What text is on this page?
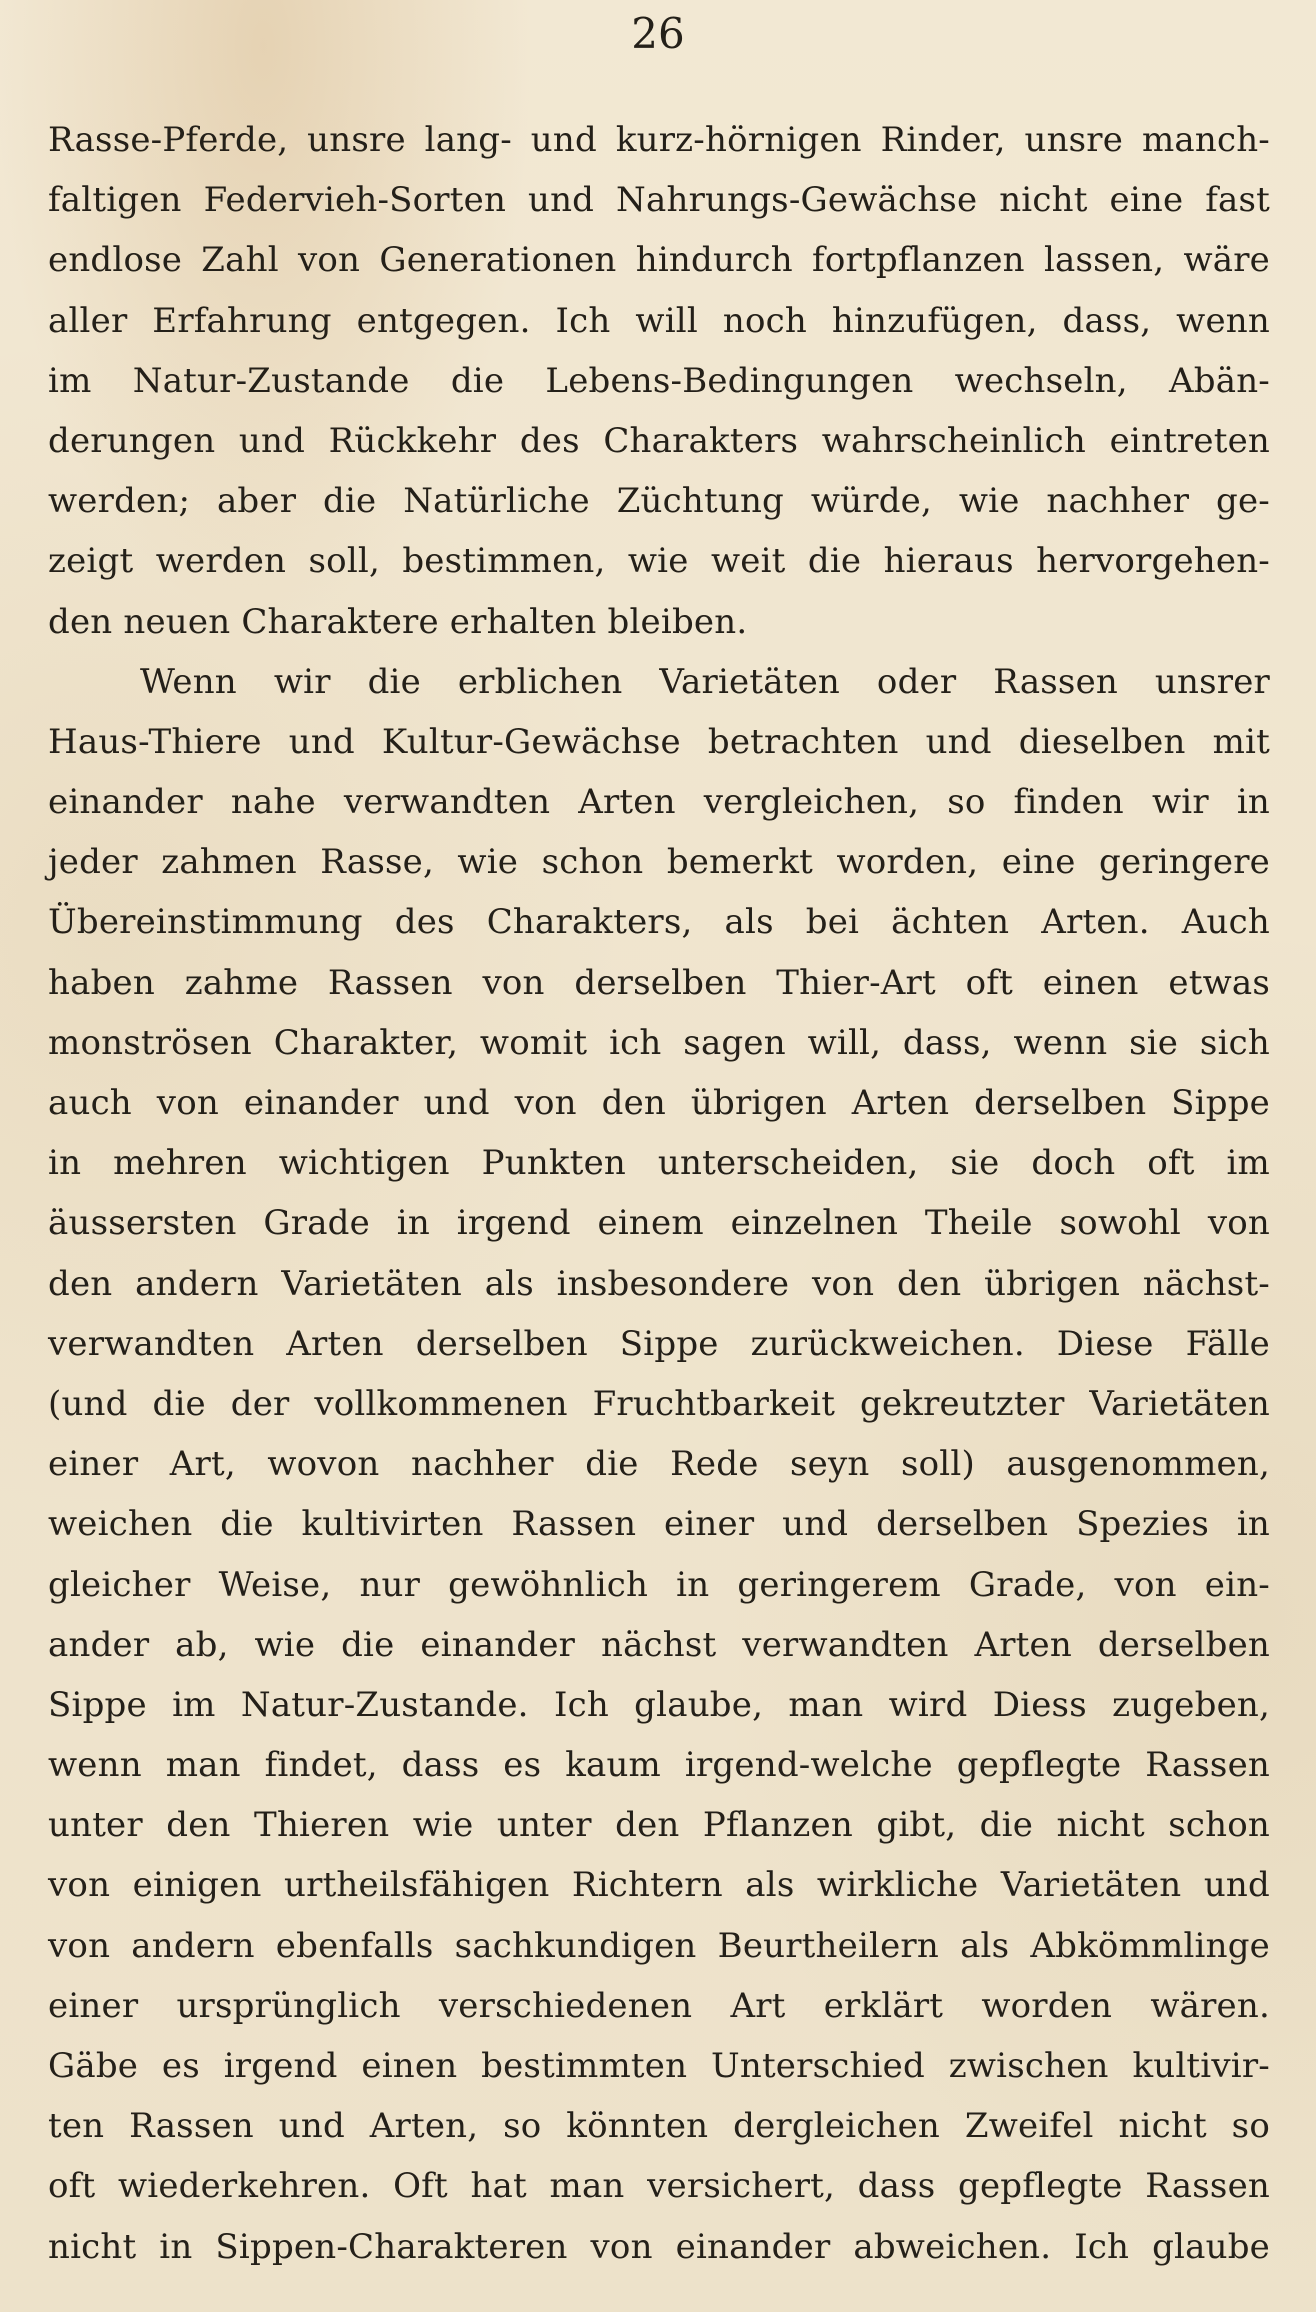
26
Rasse-Pferde, unsre lang- und kurz-hörnigen Rinder, unsre manch-
faltigen Federvieh-Sorten und Nahrungs-Gewächse nicht eine fast
endlose Zahl von Generationen hindurch fortpflanzen lassen, wäre
aller Erfahrung entgegen. Ich will noch hinzufügen, dass, wenn
im Natur-Zustande die Lebens-Bedingungen wechseln, Abän-
derungen und Rückkehr des Charakters wahrscheinlich eintreten
werden; aber die Natürliche Züchtung würde, wie nachher ge-
zeigt werden soll, bestimmen, wie weit die hieraus hervorgehen-
den neuen Charaktere erhalten bleiben.
Wenn wir die erblichen Varietäten oder Rassen unsrer
Haus-Thiere und Kultur-Gewächse betrachten und dieselben mit
einander nahe verwandten Arten vergleichen, so finden wir in
jeder zahmen Rasse, wie schon bemerkt worden, eine geringere
Übereinstimmung des Charakters, als bei ächten Arten. Auch
haben zahme Rassen von derselben Thier-Art oft einen etwas
monströsen Charakter, womit ich sagen will, dass, wenn sie sich
auch von einander und von den übrigen Arten derselben Sippe
in mehren wichtigen Punkten unterscheiden, sie doch oft im
äussersten Grade in irgend einem einzelnen Theile sowohl von
den andern Varietäten als insbesondere von den übrigen nächst-
verwandten Arten derselben Sippe zurückweichen. Diese Fälle
(und die der vollkommenen Fruchtbarkeit gekreutzter Varietäten
einer Art, wovon nachher die Rede seyn soll) ausgenommen,
weichen die kultivirten Rassen einer und derselben Spezies in
gleicher Weise, nur gewöhnlich in geringerem Grade, von ein-
ander ab, wie die einander nächst verwandten Arten derselben
Sippe im Natur-Zustande. Ich glaube, man wird Diess zugeben,
wenn man findet, dass es kaum irgend-welche gepflegte Rassen
unter den Thieren wie unter den Pflanzen gibt, die nicht schon
von einigen urtheilsfähigen Richtern als wirkliche Varietäten und
von andern ebenfalls sachkundigen Beurtheilern als Abkömmlinge
einer ursprünglich verschiedenen Art erklärt worden wären.
Gäbe es irgend einen bestimmten Unterschied zwischen kultivir-
ten Rassen und Arten, so könnten dergleichen Zweifel nicht so
oft wiederkehren. Oft hat man versichert, dass gepflegte Rassen
nicht in Sippen-Charakteren von einander abweichen. Ich glaube
